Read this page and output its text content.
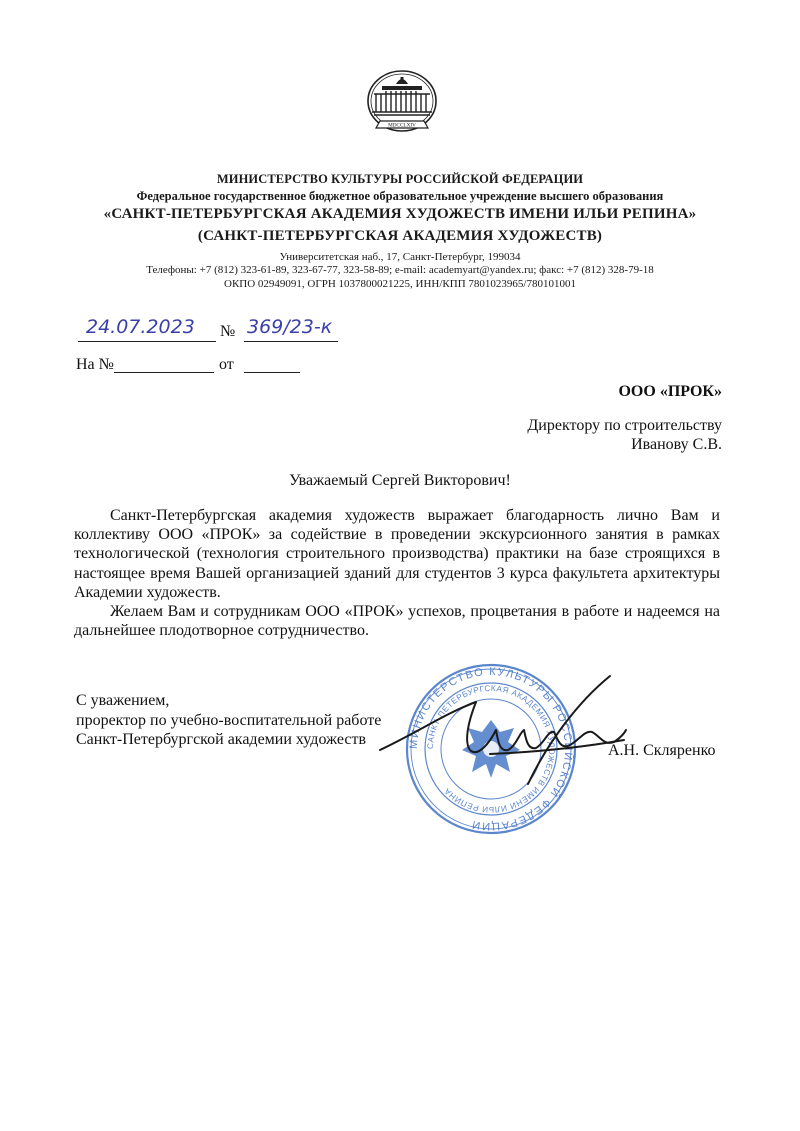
MDCCLXIV
МИНИСТЕРСТВО КУЛЬТУРЫ РОССИЙСКОЙ ФЕДЕРАЦИИ
Федеральное государственное бюджетное образовательное учреждение высшего образования
«САНКТ-ПЕТЕРБУРГСКАЯ АКАДЕМИЯ ХУДОЖЕСТВ ИМЕНИ ИЛЬИ РЕПИНА»
(САНКТ-ПЕТЕРБУРГСКАЯ АКАДЕМИЯ ХУДОЖЕСТВ)
Университетская наб., 17, Санкт-Петербург, 199034
Телефоны: +7 (812) 323-61-89, 323-67-77, 323-58-89; e-mail: academyart@yandex.ru; факс: +7 (812) 328-79-18
ОКПО 02949091, ОГРН 1037800021225, ИНН/КПП 7801023965/780101001
24.07.2023 № 369/23-к
На №	от
ООО «ПРОК»
Директору по строительству
Иванову С.В.
Уважаемый Сергей Викторович!

Санкт-Петербургская академия художеств выражает благодарность лично Вам и коллективу ООО «ПРОК» за содействие в проведении экскурсионного занятия в рамках технологической (технология строительного производства) практики на базе строящихся в настоящее время Вашей организацией зданий для студентов 3 курса факультета архитектуры Академии художеств.

Желаем Вам и сотрудникам ООО «ПРОК» успехов, процветания в работе и надеемся на дальнейшее плодотворное сотрудничество.

С уважением,
проректор по учебно-воспитательной работе
Санкт-Петербургской академии художеств
А.Н. Скляренко
МИНИСТЕРСТВО КУЛЬТУРЫ РОССИЙСКОЙ ФЕДЕРАЦИИ
САНКТ-ПЕТЕРБУРГСКАЯ АКАДЕМИЯ ХУДОЖЕСТВ ИМЕНИ ИЛЬИ РЕПИНА
